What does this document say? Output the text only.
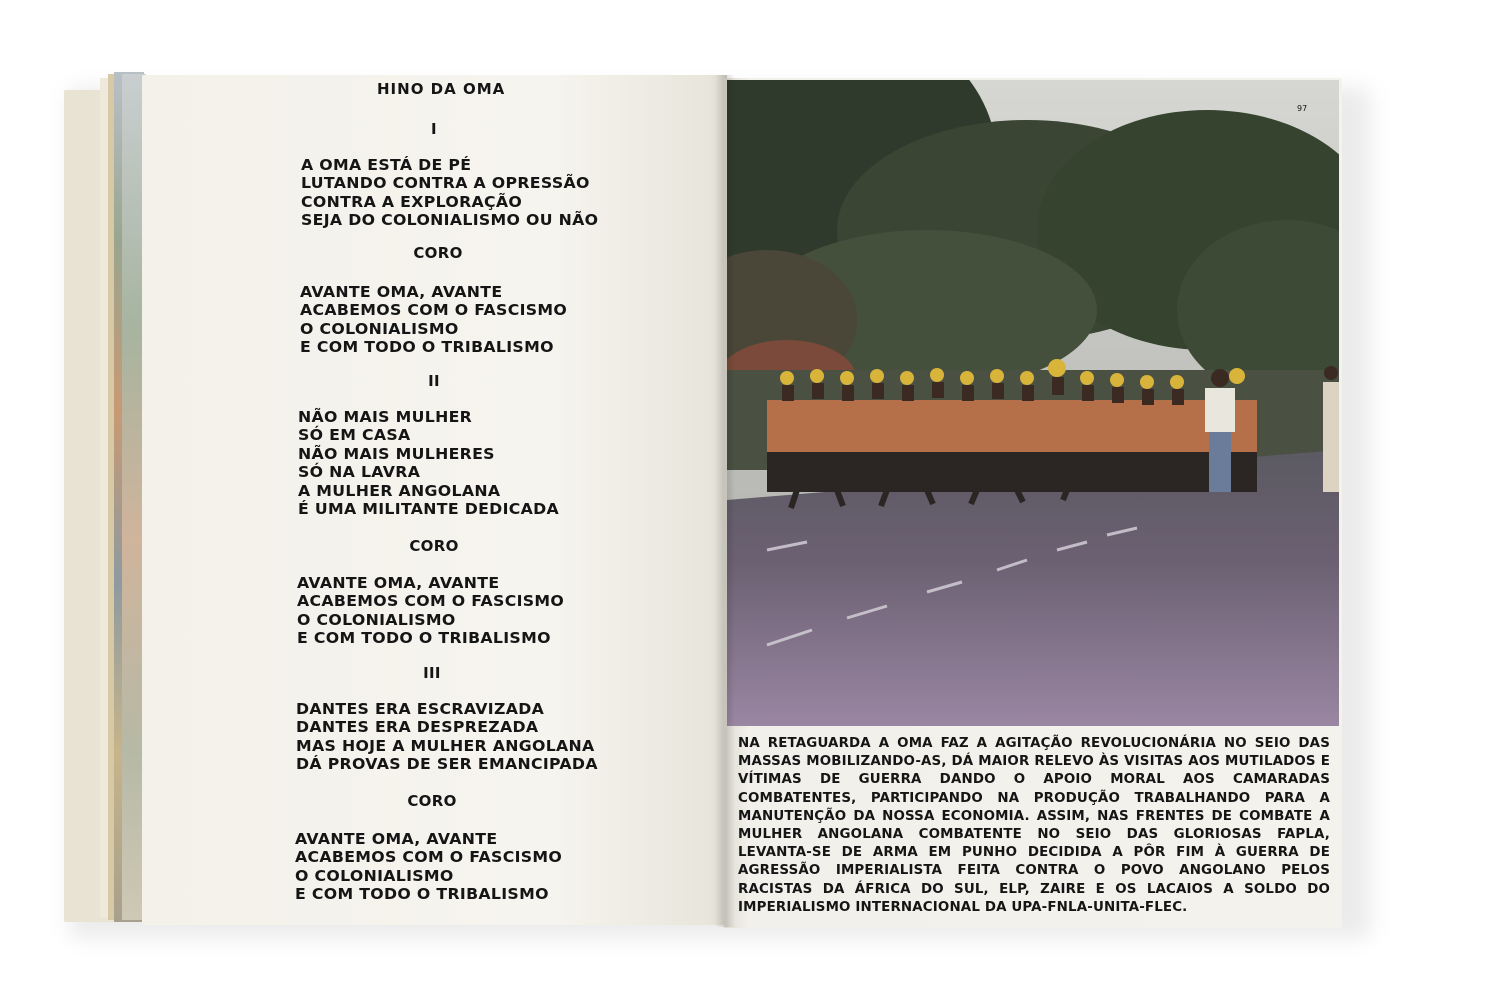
HINO DA OMA
I
A OMA ESTÁ DE PÉ
LUTANDO CONTRA A OPRESSÃO
CONTRA A EXPLORAÇÃO
SEJA DO COLONIALISMO OU NÃO
CORO
AVANTE OMA, AVANTE
ACABEMOS COM O FASCISMO
O COLONIALISMO
E COM TODO O TRIBALISMO
II
NÃO MAIS MULHER
SÓ EM CASA
NÃO MAIS MULHERES
SÓ NA LAVRA
A MULHER ANGOLANA
É UMA MILITANTE DEDICADA
CORO
AVANTE OMA, AVANTE
ACABEMOS COM O FASCISMO
O COLONIALISMO
E COM TODO O TRIBALISMO
III
DANTES ERA ESCRAVIZADA
DANTES ERA DESPREZADA
MAS HOJE A MULHER ANGOLANA
DÁ PROVAS DE SER EMANCIPADA
CORO
AVANTE OMA, AVANTE
ACABEMOS COM O FASCISMO
O COLONIALISMO
E COM TODO O TRIBALISMO
97
NA RETAGUARDA A OMA FAZ A AGITAÇÃO REVOLUCIONÁRIA NO SEIO DAS MASSAS MOBILIZANDO-AS, DÁ MAIOR RELEVO ÀS VISITAS AOS MUTILADOS E VÍTIMAS DE GUERRA DANDO O APOIO MORAL AOS CAMARADAS COMBATENTES, PARTICIPANDO NA PRODUÇÃO TRABALHANDO PARA A MANUTENÇÃO DA NOSSA ECONOMIA. ASSIM, NAS FRENTES DE COMBATE A MULHER ANGOLANA COMBATENTE NO SEIO DAS GLORIOSAS FAPLA, LEVANTA-SE DE ARMA EM PUNHO DECIDIDA A PÔR FIM À GUERRA DE AGRESSÃO IMPERIALISTA FEITA CONTRA O POVO ANGOLANO PELOS RACISTAS DA ÁFRICA DO SUL, ELP, ZAIRE E OS LACAIOS A SOLDO DO IMPERIALISMO INTERNACIONAL DA UPA-FNLA-UNITA-FLEC.
